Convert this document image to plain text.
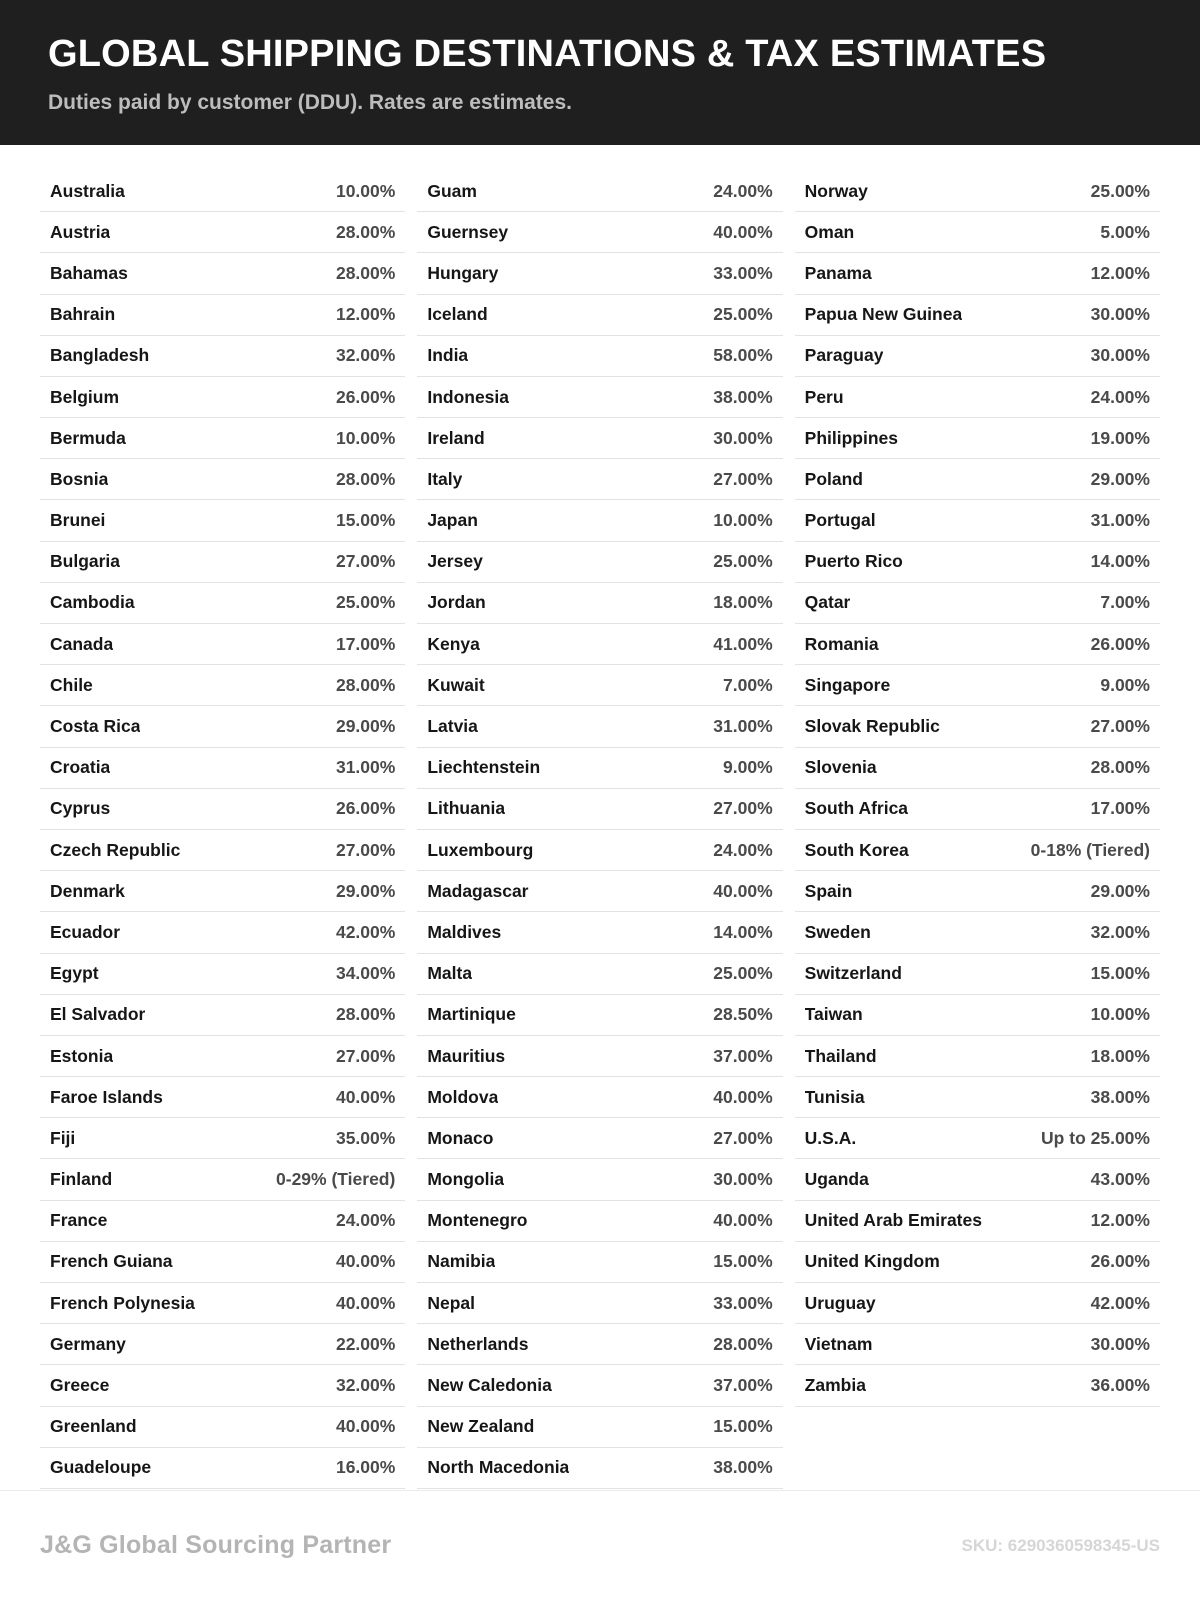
GLOBAL SHIPPING DESTINATIONS & TAX ESTIMATES

Duties paid by customer (DDU). Rates are estimates.

Australia	10.00%
Austria	28.00%
Bahamas	28.00%
Bahrain	12.00%
Bangladesh	32.00%
Belgium	26.00%
Bermuda	10.00%
Bosnia	28.00%
Brunei	15.00%
Bulgaria	27.00%
Cambodia	25.00%
Canada	17.00%
Chile	28.00%
Costa Rica	29.00%
Croatia	31.00%
Cyprus	26.00%
Czech Republic	27.00%
Denmark	29.00%
Ecuador	42.00%
Egypt	34.00%
El Salvador	28.00%
Estonia	27.00%
Faroe Islands	40.00%
Fiji	35.00%
Finland	0-29% (Tiered)
France	24.00%
French Guiana	40.00%
French Polynesia	40.00%
Germany	22.00%
Greece	32.00%
Greenland	40.00%
Guadeloupe	16.00%
Guam	24.00%
Guernsey	40.00%
Hungary	33.00%
Iceland	25.00%
India	58.00%
Indonesia	38.00%
Ireland	30.00%
Italy	27.00%
Japan	10.00%
Jersey	25.00%
Jordan	18.00%
Kenya	41.00%
Kuwait	7.00%
Latvia	31.00%
Liechtenstein	9.00%
Lithuania	27.00%
Luxembourg	24.00%
Madagascar	40.00%
Maldives	14.00%
Malta	25.00%
Martinique	28.50%
Mauritius	37.00%
Moldova	40.00%
Monaco	27.00%
Mongolia	30.00%
Montenegro	40.00%
Namibia	15.00%
Nepal	33.00%
Netherlands	28.00%
New Caledonia	37.00%
New Zealand	15.00%
North Macedonia	38.00%
Norway	25.00%
Oman	5.00%
Panama	12.00%
Papua New Guinea	30.00%
Paraguay	30.00%
Peru	24.00%
Philippines	19.00%
Poland	29.00%
Portugal	31.00%
Puerto Rico	14.00%
Qatar	7.00%
Romania	26.00%
Singapore	9.00%
Slovak Republic	27.00%
Slovenia	28.00%
South Africa	17.00%
South Korea	0-18% (Tiered)
Spain	29.00%
Sweden	32.00%
Switzerland	15.00%
Taiwan	10.00%
Thailand	18.00%
Tunisia	38.00%
U.S.A.	Up to 25.00%
Uganda	43.00%
United Arab Emirates	12.00%
United Kingdom	26.00%
Uruguay	42.00%
Vietnam	30.00%
Zambia	36.00%
J&G Global Sourcing Partner	SKU: 6290360598345-US
